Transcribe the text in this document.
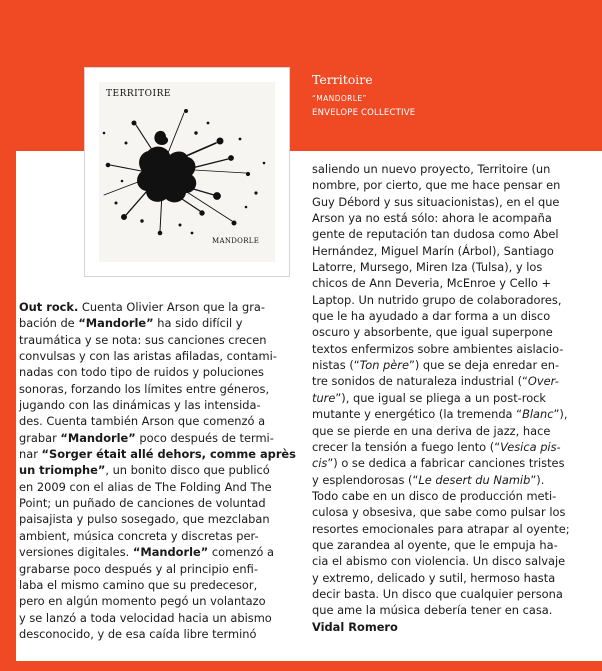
TERRITOIRE
MANDORLE
Territoire
“MANDORLE”
ENVELOPE COLLECTIVE
Out rock. Cuenta Olivier Arson que la gra-
bación de “Mandorle” ha sido difícil y
traumática y se nota: sus canciones crecen
convulsas y con las aristas afiladas, contami-
nadas con todo tipo de ruidos y poluciones
sonoras, forzando los límites entre géneros,
jugando con las dinámicas y las intensida-
des. Cuenta también Arson que comenzó a
grabar “Mandorle” poco después de termi-
nar “Sorger était allé dehors, comme après
un triomphe”, un bonito disco que publicó
en 2009 con el alias de The Folding And The
Point; un puñado de canciones de voluntad
paisajista y pulso sosegado, que mezclaban
ambient, música concreta y discretas per-
versiones digitales. “Mandorle” comenzó a
grabarse poco después y al principio enfi-
laba el mismo camino que su predecesor,
pero en algún momento pegó un volantazo
y se lanzó a toda velocidad hacia un abismo
desconocido, y de esa caída libre terminó
saliendo un nuevo proyecto, Territoire (un
nombre, por cierto, que me hace pensar en
Guy Débord y sus situacionistas), en el que
Arson ya no está sólo: ahora le acompaña
gente de reputación tan dudosa como Abel
Hernández, Miguel Marín (Árbol), Santiago
Latorre, Mursego, Miren Iza (Tulsa), y los
chicos de Ann Deveria, McEnroe y Cello +
Laptop. Un nutrido grupo de colaboradores,
que le ha ayudado a dar forma a un disco
oscuro y absorbente, que igual superpone
textos enfermizos sobre ambientes aislacio-
nistas (“Ton père”) que se deja enredar en-
tre sonidos de naturaleza industrial (“Over-
ture”), que igual se pliega a un post-rock
mutante y energético (la tremenda “Blanc”),
que se pierde en una deriva de jazz, hace
crecer la tensión a fuego lento (“Vesica pis-
cis”) o se dedica a fabricar canciones tristes
y esplendorosas (“Le desert du Namib”).
Todo cabe en un disco de producción meti-
culosa y obsesiva, que sabe como pulsar los
resortes emocionales para atrapar al oyente;
que zarandea al oyente, que le empuja ha-
cia el abismo con violencia. Un disco salvaje
y extremo, delicado y sutil, hermoso hasta
decir basta. Un disco que cualquier persona
que ame la música debería tener en casa.
Vidal Romero
